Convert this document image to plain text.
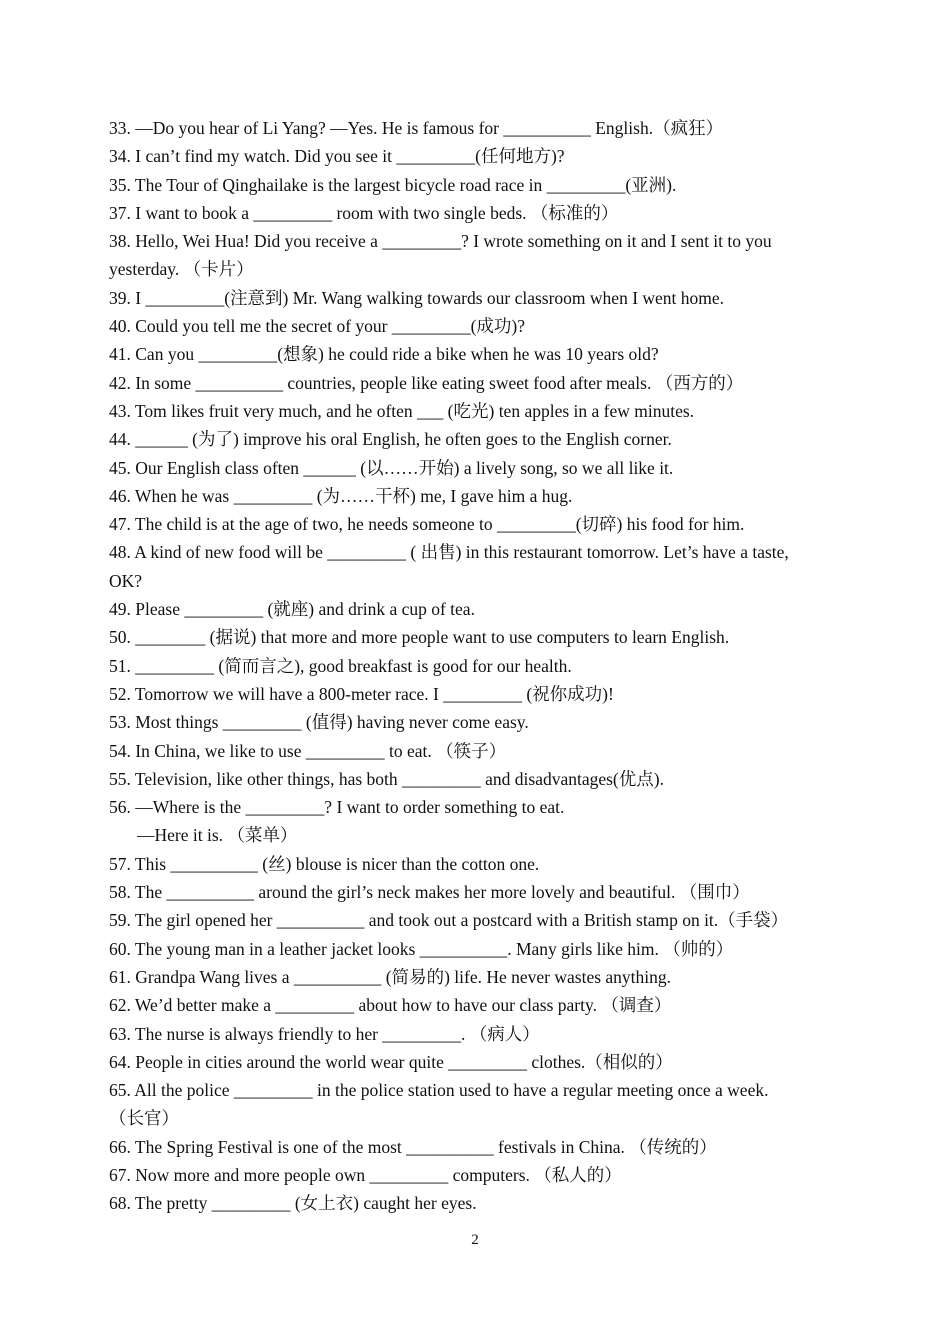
33. —Do you hear of Li Yang? —Yes. He is famous for __________ English.（疯狂）
34. I can’t find my watch. Did you see it _________(任何地方)?
35. The Tour of Qinghailake is the largest bicycle road race in _________(亚洲).
37. I want to book a _________ room with two single beds. （标准的）
38. Hello, Wei Hua! Did you receive a _________? I wrote something on it and I sent it to you
yesterday. （卡片）
39. I _________(注意到) Mr. Wang walking towards our classroom when I went home.
40. Could you tell me the secret of your _________(成功)?
41. Can you _________(想象) he could ride a bike when he was 10 years old?
42. In some __________ countries, people like eating sweet food after meals. （西方的）
43. Tom likes fruit very much, and he often ___ (吃光) ten apples in a few minutes.
44. ______ (为了) improve his oral English, he often goes to the English corner.
45. Our English class often ______ (以……开始) a lively song, so we all like it.
46. When he was _________ (为……干杯) me, I gave him a hug.
47. The child is at the age of two, he needs someone to _________(切碎) his food for him.
48. A kind of new food will be _________ ( 出售) in this restaurant tomorrow. Let’s have a taste,
OK?
49. Please _________ (就座) and drink a cup of tea.
50. ________ (据说) that more and more people want to use computers to learn English.
51. _________ (简而言之), good breakfast is good for our health.
52. Tomorrow we will have a 800-meter race. I _________ (祝你成功)!
53. Most things _________ (值得) having never come easy.
54. In China, we like to use _________ to eat. （筷子）
55. Television, like other things, has both _________ and disadvantages(优点).
56. —Where is the _________? I want to order something to eat.
—Here it is. （菜单）
57. This __________ (丝) blouse is nicer than the cotton one.
58. The __________ around the girl’s neck makes her more lovely and beautiful. （围巾）
59. The girl opened her __________ and took out a postcard with a British stamp on it.（手袋）
60. The young man in a leather jacket looks __________. Many girls like him. （帅的）
61. Grandpa Wang lives a __________ (简易的) life. He never wastes anything.
62. We’d better make a _________ about how to have our class party. （调查）
63. The nurse is always friendly to her _________. （病人）
64. People in cities around the world wear quite _________ clothes.（相似的）
65. All the police _________ in the police station used to have a regular meeting once a week.
（长官）
66. The Spring Festival is one of the most __________ festivals in China. （传统的）
67. Now more and more people own _________ computers. （私人的）
68. The pretty _________ (女上衣) caught her eyes.
2
